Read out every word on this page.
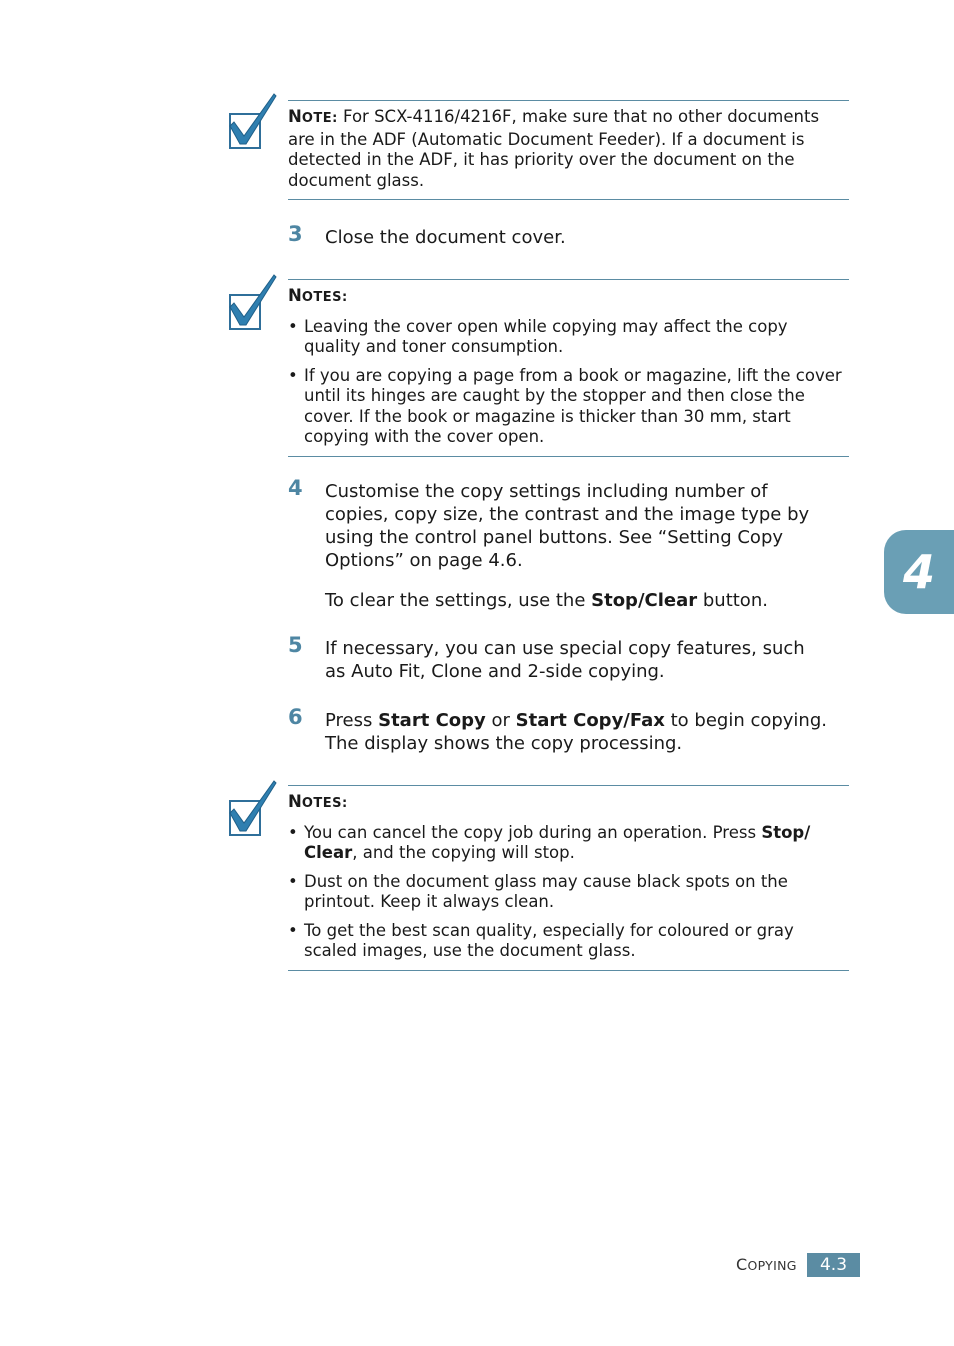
NOTE: For SCX-4116/4216F, make sure that no other documents are in the ADF (Automatic Document Feeder). If a document is detected in the ADF, it has priority over the document on the document glass.
3 Close the document cover.
NOTES:
• Leaving the cover open while copying may affect the copy quality and toner consumption.
• If you are copying a page from a book or magazine, lift the cover until its hinges are caught by the stopper and then close the cover. If the book or magazine is thicker than 30 mm, start copying with the cover open.
4 Customise the copy settings including number of copies, copy size, the contrast and the image type by using the control panel buttons. See “Setting Copy Options” on page 4.6.
To clear the settings, use the Stop/Clear button.
5 If necessary, you can use special copy features, such as Auto Fit, Clone and 2-side copying.
6 Press Start Copy or Start Copy/Fax to begin copying. The display shows the copy processing.
NOTES:
• You can cancel the copy job during an operation. Press Stop/ Clear, and the copying will stop.
• Dust on the document glass may cause black spots on the printout. Keep it always clean.
• To get the best scan quality, especially for coloured or gray scaled images, use the document glass.
4
COPYING	4.3
